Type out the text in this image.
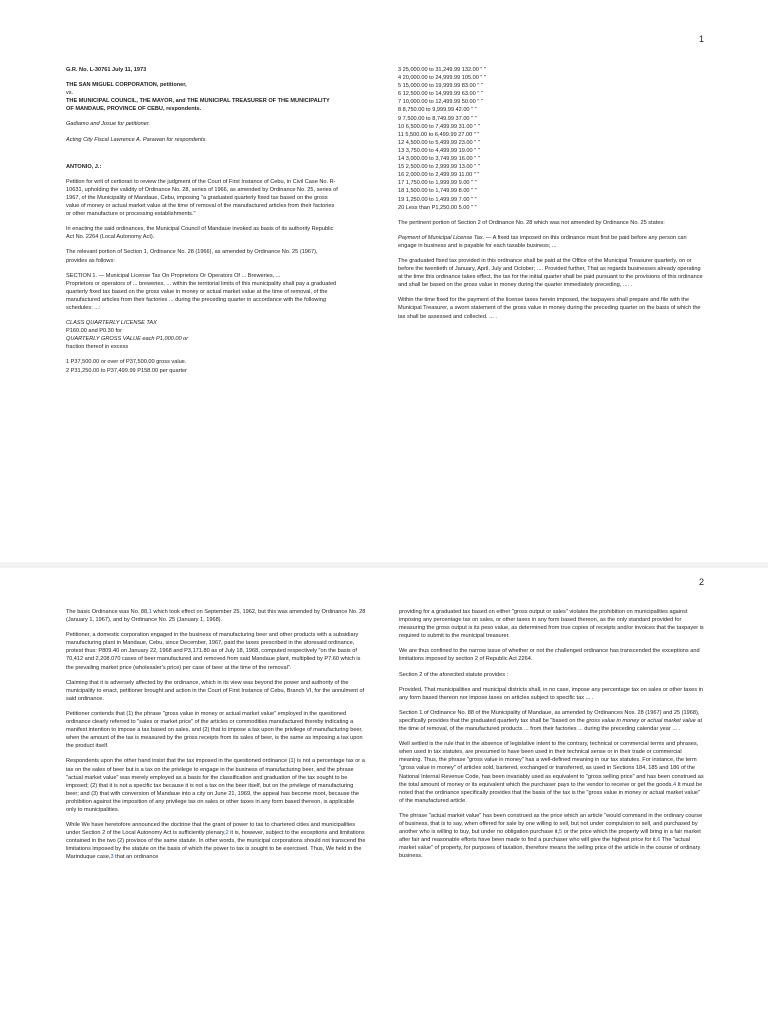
1

G.R. No. L-30761 July 11, 1973

THE SAN MIGUEL CORPORATION, petitioner,

vs.

THE MUNICIPAL COUNCIL, THE MAYOR, and THE MUNICIPAL TREASURER OF THE MUNICIPALITY OF MANDAUE, PROVINCE OF CEBU, respondents.

Gadiamo and Josue for petitioner.

Acting City Fiscal Lawrence A. Parawan for respondents.

ANTONIO, J.:

Petition for writ of certiorari to review the judgment of the Court of First Instance of Cebu, in Civil Case No. R-10631, upholding the validity of Ordinance No. 28, series of 1966, as amended by Ordinance No. 25, series of 1967, of the Municipality of Mandaue, Cebu, imposing "a graduated quarterly fixed tax based on the gross value of money or actual market value at the time of removal of the manufactured articles from their factories or other manufacture or processing establishments."

In enacting the said ordinances, the Municipal Council of Mandaue invoked as basis of its authority Republic Act No. 2264 (Local Autonomy Act).

The relevant portion of Section 1, Ordinance No. 28 (1966), as amended by Ordinance No. 25 (1967), provides as follows:

SECTION 1. — Municipal License Tax On Proprietors Or Operators Of ... Breweries, ...

Proprietors or operators of ... breweries, ... within the territorial limits of this municipality shall pay a graduated quarterly fixed tax based on the gross value in money or actual market value at the time of removal, of the manufactured articles from their factories ... during the preceding quarter in accordance with the following schedules: ...:

CLASS QUARTERLY LICENSE TAX

P160.00 and P0.30 for

QUARTERLY GROSS VALUE each P1,000.00 or

fraction thereof in excess

1 P37,500.00 or over of P37,500.00 gross value.

2 P31,250.00 to P37,499.99 P158.00 per quarter

3 25,000.00 to 31,249.99 132.00 " "
4 20,000.00 to 24,999.99 105.00 " "
5 15,000.00 to 19,999.99 83.00 " "
6 12,500.00 to 14,999.99 63.00 " "
7 10,000.00 to 12,499.99 50.00 " "
8 8,750.00 to 9,999.99 42.00 " "
9 7,500.00 to 8,749.99 37.00 " "
10 6,500.00 to 7,499.99 31.00 " "
11 5,500.00 to 6,499.99 27.00 " "
12 4,500.00 to 5,499.99 23.00 " "
13 3,750.00 to 4,499.99 19.00 " "
14 3,000.00 to 3,749.99 16.00 " "
15 2,500.00 to 2,999.99 13.00 " "
16 2,000.00 to 2,499.99 11.00 " "
17 1,750.00 to 1,999.99 9.00 " "
18 1,500.00 to 1,749.99 8.00 " "
19 1,250.00 to 1,499.99 7.00 " "
20 Less than P1,250.00 5.00 " "

The pertinent portion of Section 2 of Ordinance No. 28 which was not amended by Ordinance No. 25 states:

Payment of Municipal License Tax. — A fixed tax imposed on this ordinance must first be paid before any person can engage in business and is payable for each taxable business; ...

The graduated fixed tax provided in this ordinance shall be paid at the Office of the Municipal Treasurer quarterly, on or before the twentieth of January, April, July and October; .... Provided further, That as regards businesses already operating at the time this ordinance takes effect, the tax for the initial quarter shall be paid pursuant to the provisions of this ordinance and shall be based on the gross value in money during the quarter immediately preceding, .... .

Within the time fixed for the payment of the license taxes herein imposed, the taxpayers shall prepare and file with the Municipal Treasurer, a sworn statement of the gross value in money during the preceding quarter on the basis of which the tax shall be assessed and collected. ... .

2

The basic Ordinance was No. 88,1 which took effect on September 25, 1962, but this was amended by Ordinance No. 28 (January 1, 1967), and by Ordinance No. 25 (January 1, 1968).

Petitioner, a domestic corporation engaged in the business of manufacturing beer and other products with a subsidiary manufacturing plant in Mandaue, Cebu, since December, 1967, paid the taxes prescribed in the aforesaid ordinance, protest thus: P809.40 on January 22, 1968 and P3,171.80 as of July 18, 1968, computed respectively "on the basis of 70,412 and 2,208.070 cases of beer manufactured and removed from said Mandaue plant, multiplied by P7.60 which is the prevailing market price (wholesaler's price) per case of beer at the time of the removal".

Claiming that it is adversely affected by the ordinance, which in its view was beyond the power and authority of the municipality to enact, petitioner brought and action in the Court of First Instance of Cebu, Branch VI, for the annulment of said ordinance.

Petitioner contends that (1) the phrase "gross value in money or actual market value" employed in the questioned ordinance clearly referred to "sales or market price" of the articles or commodities manufactured thereby indicating a manifest intention to impose a tax based on sales, and (2) that to impose a tax upon the privilege of manufacturing beer, when the amount of the tax is measured by the gross receipts from its sales of beer, is the same as imposing a tax upon the product itself.

Respondents upon the other hand insist that the tax imposed in the questioned ordinance (1) is not a percentage tax or a tax on the sales of beer but is a tax on the privilege to engage in the business of manufacturing beer, and the phrase "actual market value" was merely employed as a basis for the classification and graduation of the tax sought to be imposed; (2) that it is not a specific tax because it is not a tax on the beer itself, but on the privilege of manufacturing beer; and (3) that with conversion of Mandaue into a city on June 21, 1969, the appeal has become moot, because the prohibition against the imposition of any privilege tax on sales or other taxes in any form based thereon, is applicable only to municipalities.

While We have heretofore announced the doctrine that the grant of power to tax to chartered cities and municipalities under Section 2 of the Local Autonomy Act is sufficiently plenary,2 it is, however, subject to the exceptions and limitations contained in the two (2) provisos of the same statute. In other words, the municipal corporations should not transcend the limitations imposed by the statute on the basis of which the power to tax is sought to be exercised. Thus, We held in the Marinduque case,3 that an ordinance

providing for a graduated tax based on either "gross output or sales" violates the prohibition on municipalities against imposing any percentage tax on sales, or other taxes in any form based thereon, as the only standard provided for measuring the gross output is its peso value, as determined from true copies of receipts and/or invoices that the taxpayer is required to submit to the municipal treasurer.

We are thus confined to the narrow issue of whether or not the challenged ordinance has transcended the exceptions and limitations imposed by section 2 of Republic Act 2264.

Section 2 of the aforecited statute provides :

Provided, That municipalities and municipal districts shall, in no case, impose any percentage tax on sales or other taxes in any form based thereon nor impose taxes on articles subject to specific tax ... .

Section 1 of Ordinance No. 88 of the Municipality of Mandaue, as amended by Ordinances Nos. 28 (1967) and 25 (1968), specifically provides that the graduated quarterly tax shall be "based on the gross value in money or actual market value at the time of removal, of the manufactured products ... from their factories ... during the preceding calendar year ... .

Well settled is the rule that in the absence of legislative intent to the contrary, technical or commercial terms and phrases, when used in tax statutes, are presumed to have been used in their technical sense or in their trade or commercial meaning. Thus, the phrase "gross value in money" has a well-defined meaning in our tax statutes. For instance, the term "gross value in money" of articles sold, bartered, exchanged or transferred, as used in Sections 184, 185 and 186 of the National Internal Revenue Code, has been invariably used as equivalent to "gross selling price" and has been construed as the total amount of money or its equivalent which the purchaser pays to the vendor to receive or get the goods.4 It must be noted that the ordinance specifically provides that the basis of the tax is the "gross value in money or actual market value" of the manufactured article.

The phrase "actual market value" has been construed as the price which an article "would command in the ordinary course of business, that is to say, when offered for sale by one willing to sell, but not under compulsion to sell, and purchased by another who is willing to buy, but under no obligation purchase it,5 or the price which the property will bring in a fair market after fair and reasonable efforts have been made to find a purchaser who will give the highest price for it.6 The "actual market value" of property, for purposes of taxation, therefore means the selling price of the article in the course of ordinary business.
